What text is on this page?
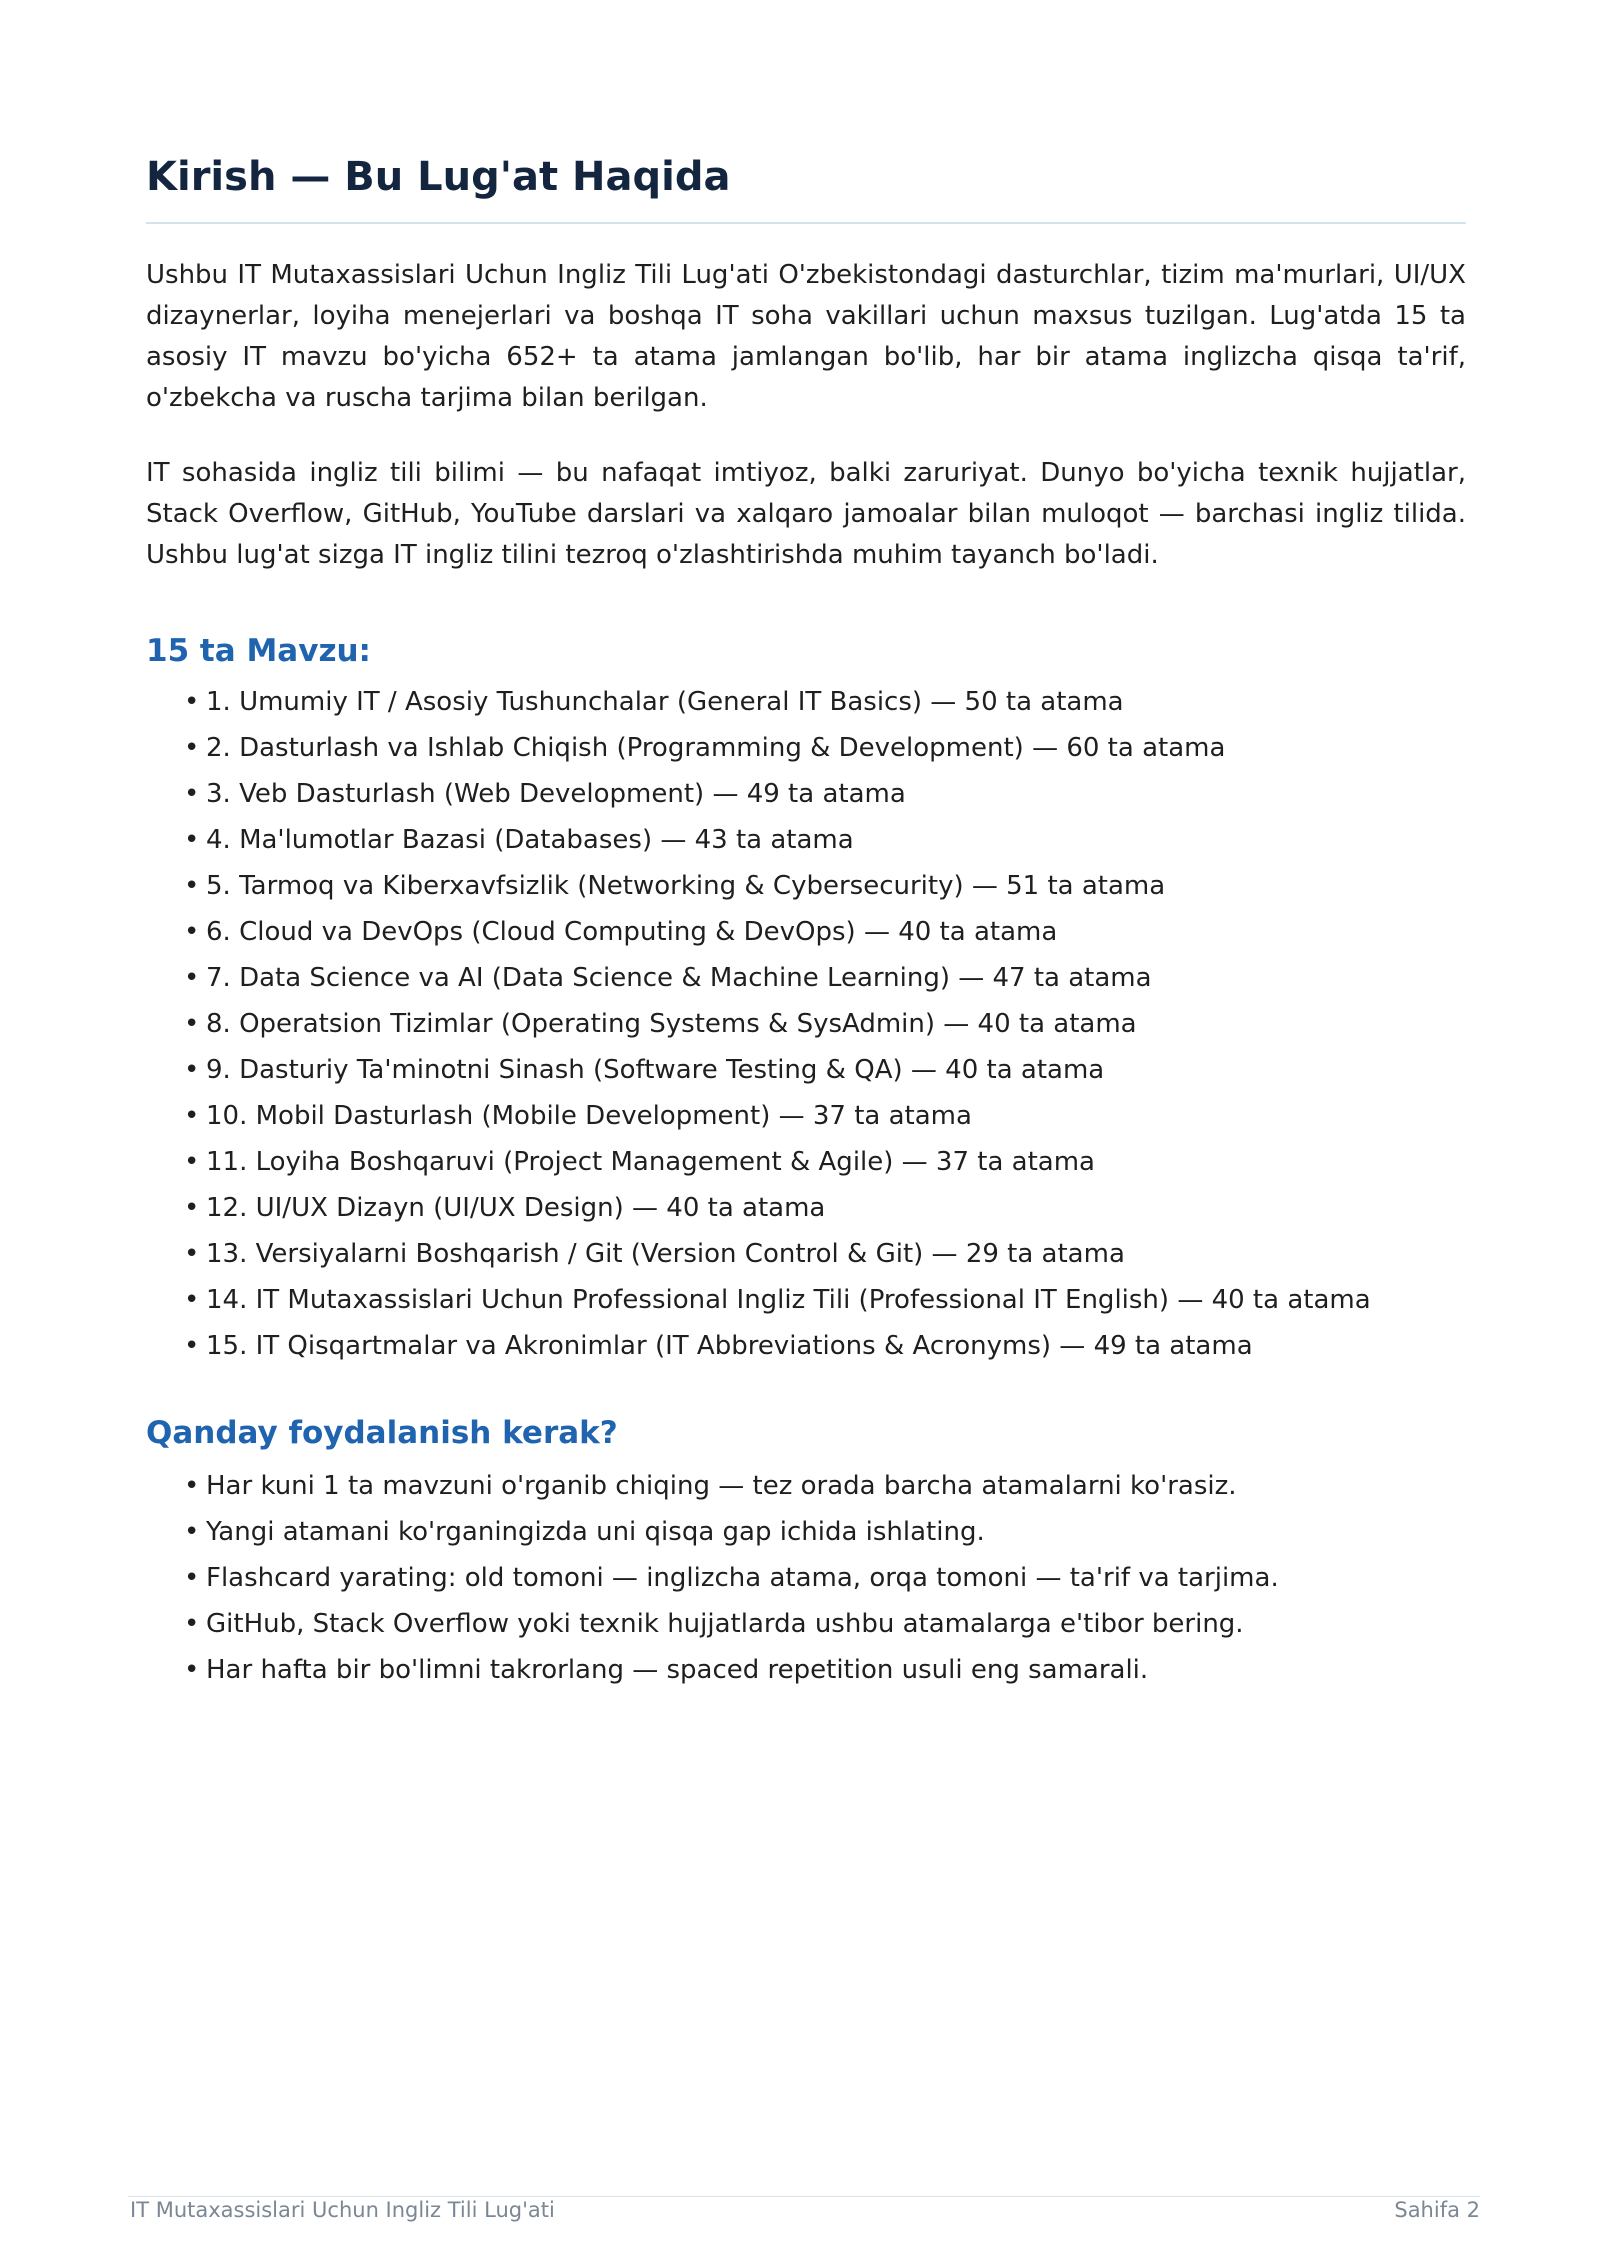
Kirish — Bu Lug'at Haqida

Ushbu IT Mutaxassislari Uchun Ingliz Tili Lug'ati O'zbekistondagi dasturchlar, tizim ma'murlari, UI/UX dizaynerlar, loyiha menejerlari va boshqa IT soha vakillari uchun maxsus tuzilgan. Lug'atda 15 ta asosiy IT mavzu bo'yicha 652+ ta atama jamlangan bo'lib, har bir atama inglizcha qisqa ta'rif, o'zbekcha va ruscha tarjima bilan berilgan.

IT sohasida ingliz tili bilimi — bu nafaqat imtiyoz, balki zaruriyat. Dunyo bo'yicha texnik hujjatlar, Stack Overflow, GitHub, YouTube darslari va xalqaro jamoalar bilan muloqot — barchasi ingliz tilida. Ushbu lug'at sizga IT ingliz tilini tezroq o'zlashtirishda muhim tayanch bo'ladi.

15 ta Mavzu:
• 1. Umumiy IT / Asosiy Tushunchalar (General IT Basics) — 50 ta atama
• 2. Dasturlash va Ishlab Chiqish (Programming & Development) — 60 ta atama
• 3. Veb Dasturlash (Web Development) — 49 ta atama
• 4. Ma'lumotlar Bazasi (Databases) — 43 ta atama
• 5. Tarmoq va Kiberxavfsizlik (Networking & Cybersecurity) — 51 ta atama
• 6. Cloud va DevOps (Cloud Computing & DevOps) — 40 ta atama
• 7. Data Science va AI (Data Science & Machine Learning) — 47 ta atama
• 8. Operatsion Tizimlar (Operating Systems & SysAdmin) — 40 ta atama
• 9. Dasturiy Ta'minotni Sinash (Software Testing & QA) — 40 ta atama
• 10. Mobil Dasturlash (Mobile Development) — 37 ta atama
• 11. Loyiha Boshqaruvi (Project Management & Agile) — 37 ta atama
• 12. UI/UX Dizayn (UI/UX Design) — 40 ta atama
• 13. Versiyalarni Boshqarish / Git (Version Control & Git) — 29 ta atama
• 14. IT Mutaxassislari Uchun Professional Ingliz Tili (Professional IT English) — 40 ta atama
• 15. IT Qisqartmalar va Akronimlar (IT Abbreviations & Acronyms) — 49 ta atama
Qanday foydalanish kerak?
• Har kuni 1 ta mavzuni o'rganib chiqing — tez orada barcha atamalarni ko'rasiz.
• Yangi atamani ko'rganingizda uni qisqa gap ichida ishlating.
• Flashcard yarating: old tomoni — inglizcha atama, orqa tomoni — ta'rif va tarjima.
• GitHub, Stack Overflow yoki texnik hujjatlarda ushbu atamalarga e'tibor bering.
• Har hafta bir bo'limni takrorlang — spaced repetition usuli eng samarali.
IT Mutaxassislari Uchun Ingliz Tili Lug'ati	Sahifa 2
